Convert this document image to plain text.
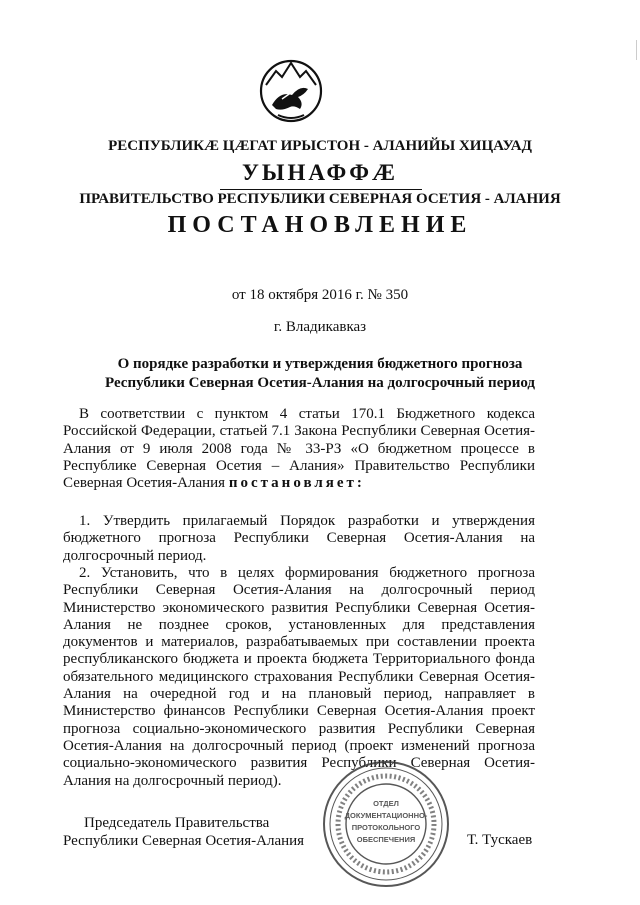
РЕСПУБЛИКÆ ЦÆГАТ ИРЫСТОН - АЛАНИЙЫ ХИЦАУАД
УЫНАФФÆ
ПРАВИТЕЛЬСТВО РЕСПУБЛИКИ СЕВЕРНАЯ ОСЕТИЯ - АЛАНИЯ
ПОСТАНОВЛЕНИЕ
от 18 октября 2016 г. № 350
г. Владикавказ
О порядке разработки и утверждения бюджетного прогноза
Республики Северная Осетия-Алания на долгосрочный период
В соответствии с пунктом 4 статьи 170.1 Бюджетного кодекса Российской Федерации, статьей 7.1 Закона Республики Северная Осетия-Алания от 9 июля 2008 года № 33-РЗ «О бюджетном процессе в Республике Северная Осетия – Алания» Правительство Республики Северная Осетия-Алания постановляет:
1. Утвердить прилагаемый Порядок разработки и утверждения бюджетного прогноза Республики Северная Осетия-Алания на долгосрочный период.
2. Установить, что в целях формирования бюджетного прогноза Республики Северная Осетия-Алания на долгосрочный период Министерство экономического развития Республики Северная Осетия-Алания не позднее сроков, установленных для представления документов и материалов, разрабатываемых при составлении проекта республиканского бюджета и проекта бюджета Территориального фонда обязательного медицинского страхования Республики Северная Осетия-Алания на очередной год и на плановый период, направляет в Министерство финансов Республики Северная Осетия-Алания проект прогноза социально-экономического развития Республики Северная Осетия-Алания на долгосрочный период (проект изменений прогноза социально-экономического развития Республики Северная Осетия-Алания на долгосрочный период).
Председатель Правительства
Республики Северная Осетия-Алания	Т. Тускаев
ОТДЕЛ
ДОКУМЕНТАЦИОННО-
ПРОТОКОЛЬНОГО
ОБЕСПЕЧЕНИЯ
